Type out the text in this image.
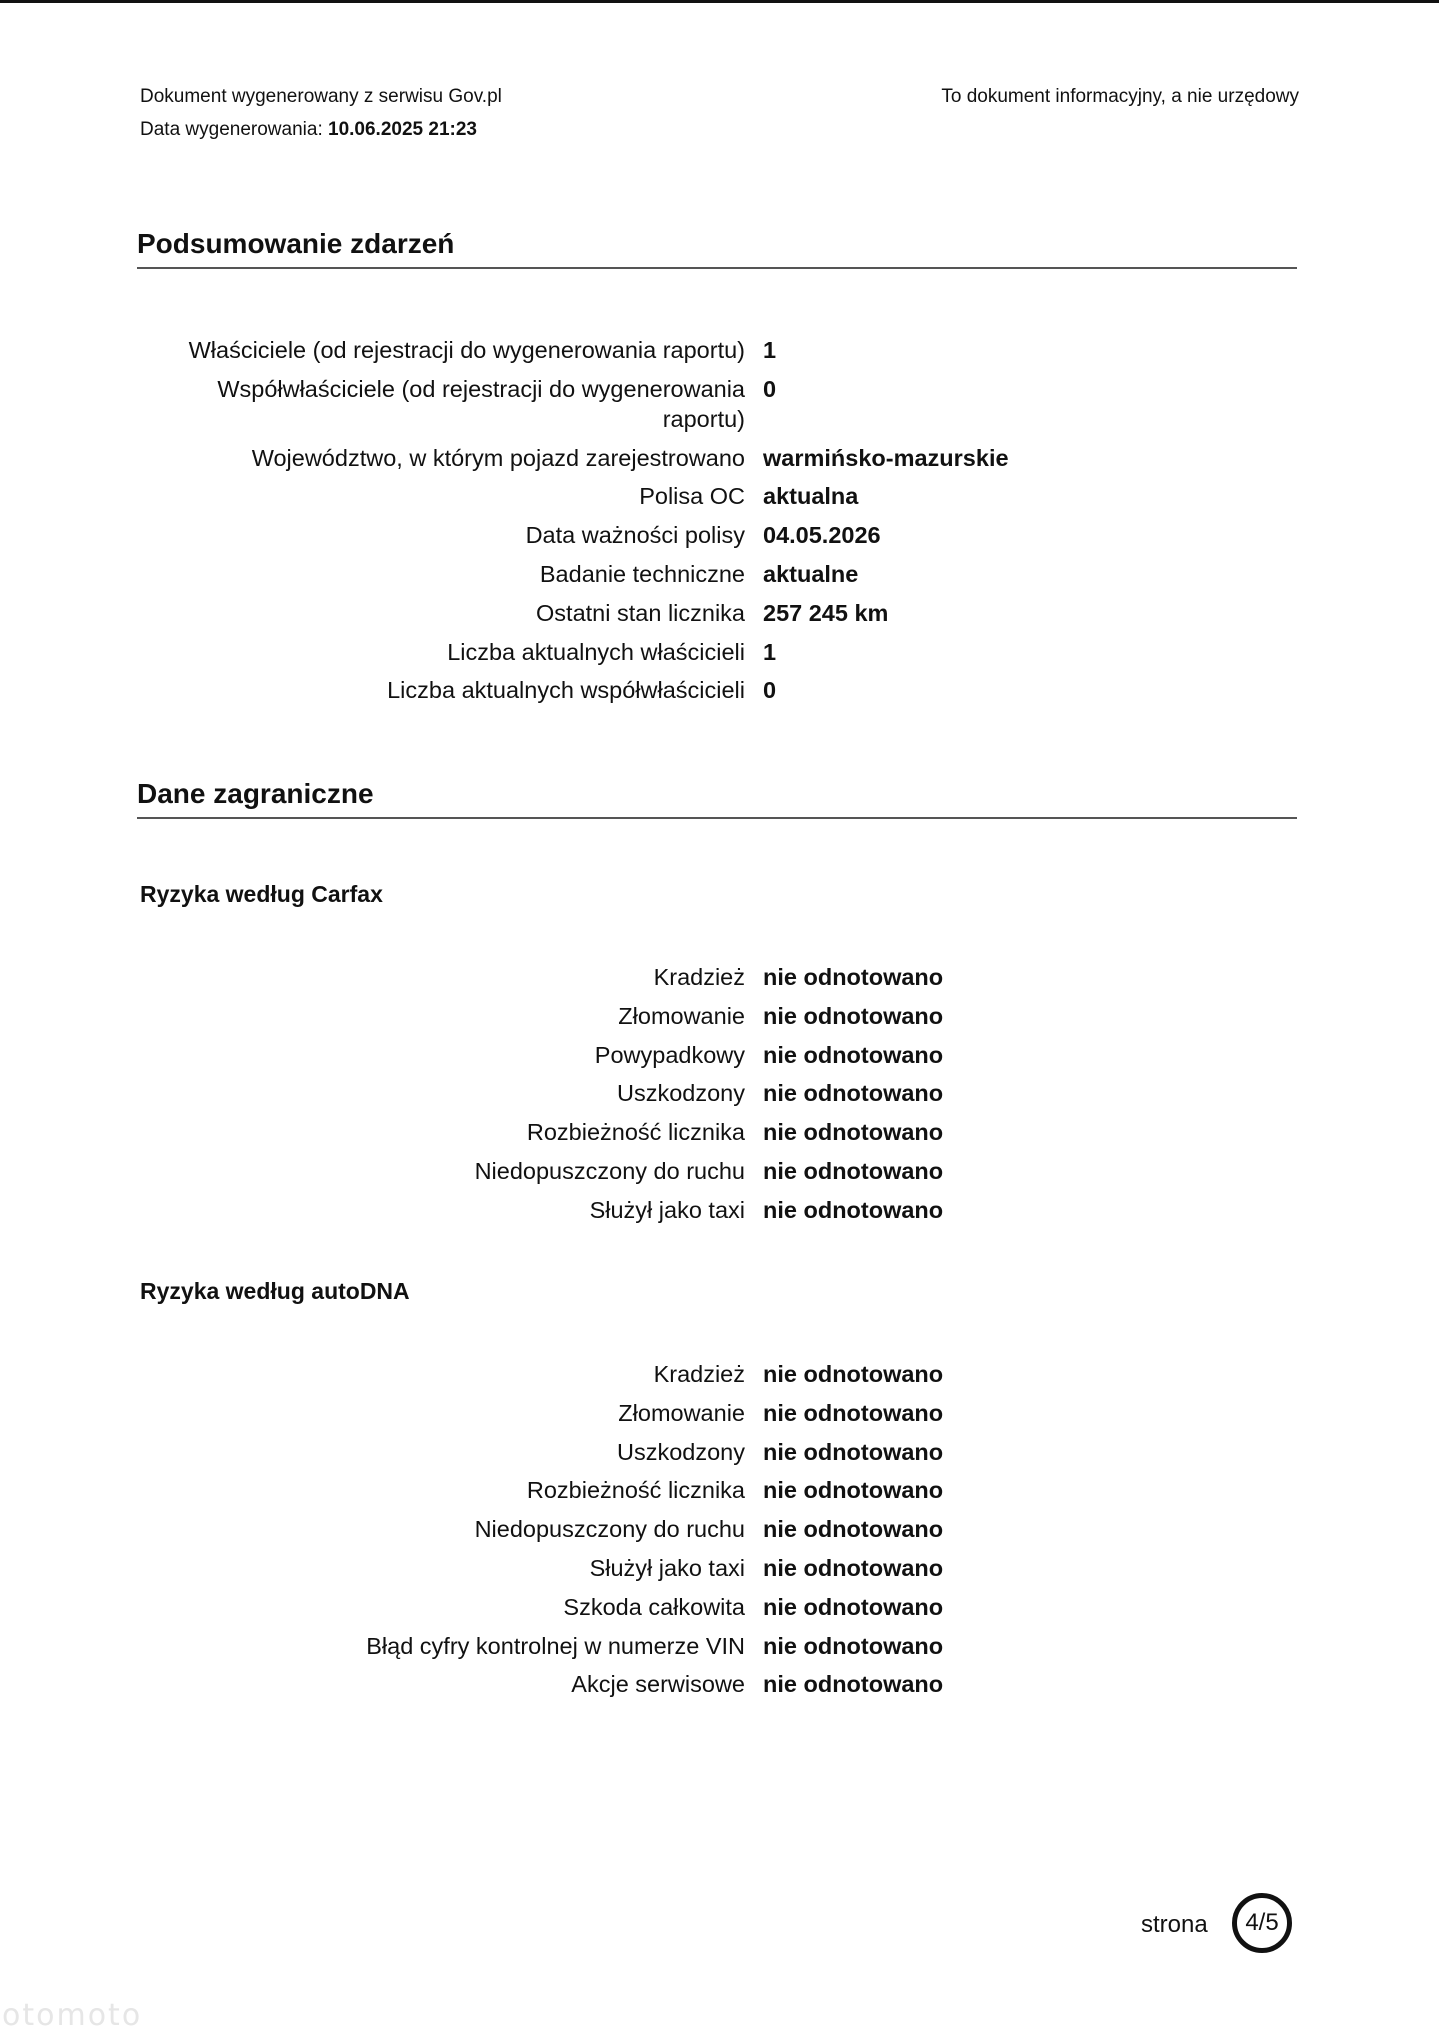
Dokument wygenerowany z serwisu Gov.pl
Data wygenerowania: 10.06.2025 21:23
To dokument informacyjny, a nie urzędowy
Podsumowanie zdarzeń
Właściciele (od rejestracji do wygenerowania raportu) 1
Współwłaściciele (od rejestracji do wygenerowania raportu)
0
Województwo, w którym pojazd zarejestrowano warmińsko-mazurskie
Polisa OC aktualna
Data ważności polisy 04.05.2026
Badanie techniczne aktualne
Ostatni stan licznika 257 245 km
Liczba aktualnych właścicieli 1
Liczba aktualnych współwłaścicieli 0
Dane zagraniczne
Ryzyka według Carfax
Kradzież nie odnotowano
Złomowanie nie odnotowano
Powypadkowy nie odnotowano
Uszkodzony nie odnotowano
Rozbieżność licznika nie odnotowano
Niedopuszczony do ruchu nie odnotowano
Służył jako taxi nie odnotowano
Ryzyka według autoDNA
Kradzież nie odnotowano
Złomowanie nie odnotowano
Uszkodzony nie odnotowano
Rozbieżność licznika nie odnotowano
Niedopuszczony do ruchu nie odnotowano
Służył jako taxi nie odnotowano
Szkoda całkowita nie odnotowano
Błąd cyfry kontrolnej w numerze VIN nie odnotowano
Akcje serwisowe nie odnotowano
strona 4/5
otomoto
